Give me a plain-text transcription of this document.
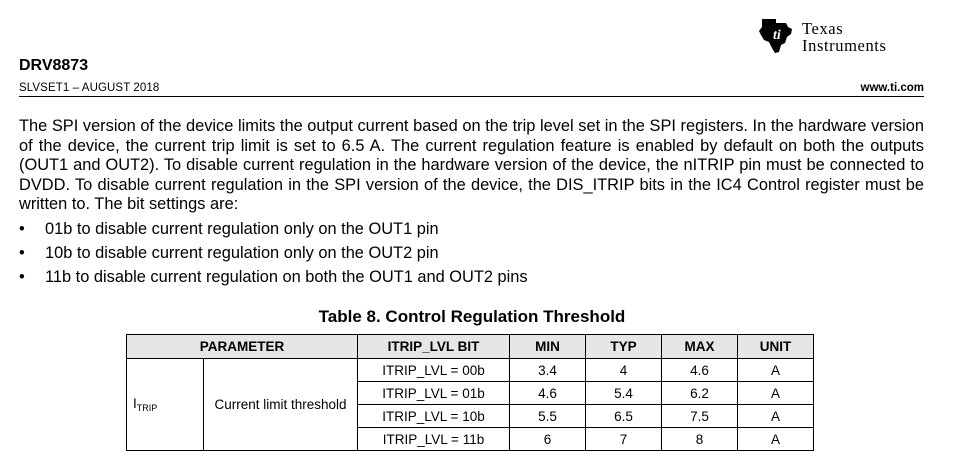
ti Texas
Instruments
DRV8873
SLVSET1 – AUGUST 2018	www.ti.com
The SPI version of the device limits the output current based on the trip level set in the SPI registers. In the hardware version of the device, the current trip limit is set to 6.5 A. The current regulation feature is enabled by default on both the outputs (OUT1 and OUT2). To disable current regulation in the hardware version of the device, the nITRIP pin must be connected to DVDD. To disable current regulation in the SPI version of the device, the DIS_ITRIP bits in the IC4 Control register must be written to. The bit settings are:
• 01b to disable current regulation only on the OUT1 pin
• 10b to disable current regulation only on the OUT2 pin
• 11b to disable current regulation on both the OUT1 and OUT2 pins
Table 8. Control Regulation Threshold
PARAMETER		ITRIP_LVL BIT	MIN	TYP	MAX	UNIT
$I_{TRIP}$	Current limit threshold	ITRIP_LVL = 00b	3.4	4	4.6	A
		ITRIP_LVL = 01b	4.6	5.4	6.2	A
		ITRIP_LVL = 10b	5.5	6.5	7.5	A
		ITRIP_LVL = 11b	6	7	8	A
